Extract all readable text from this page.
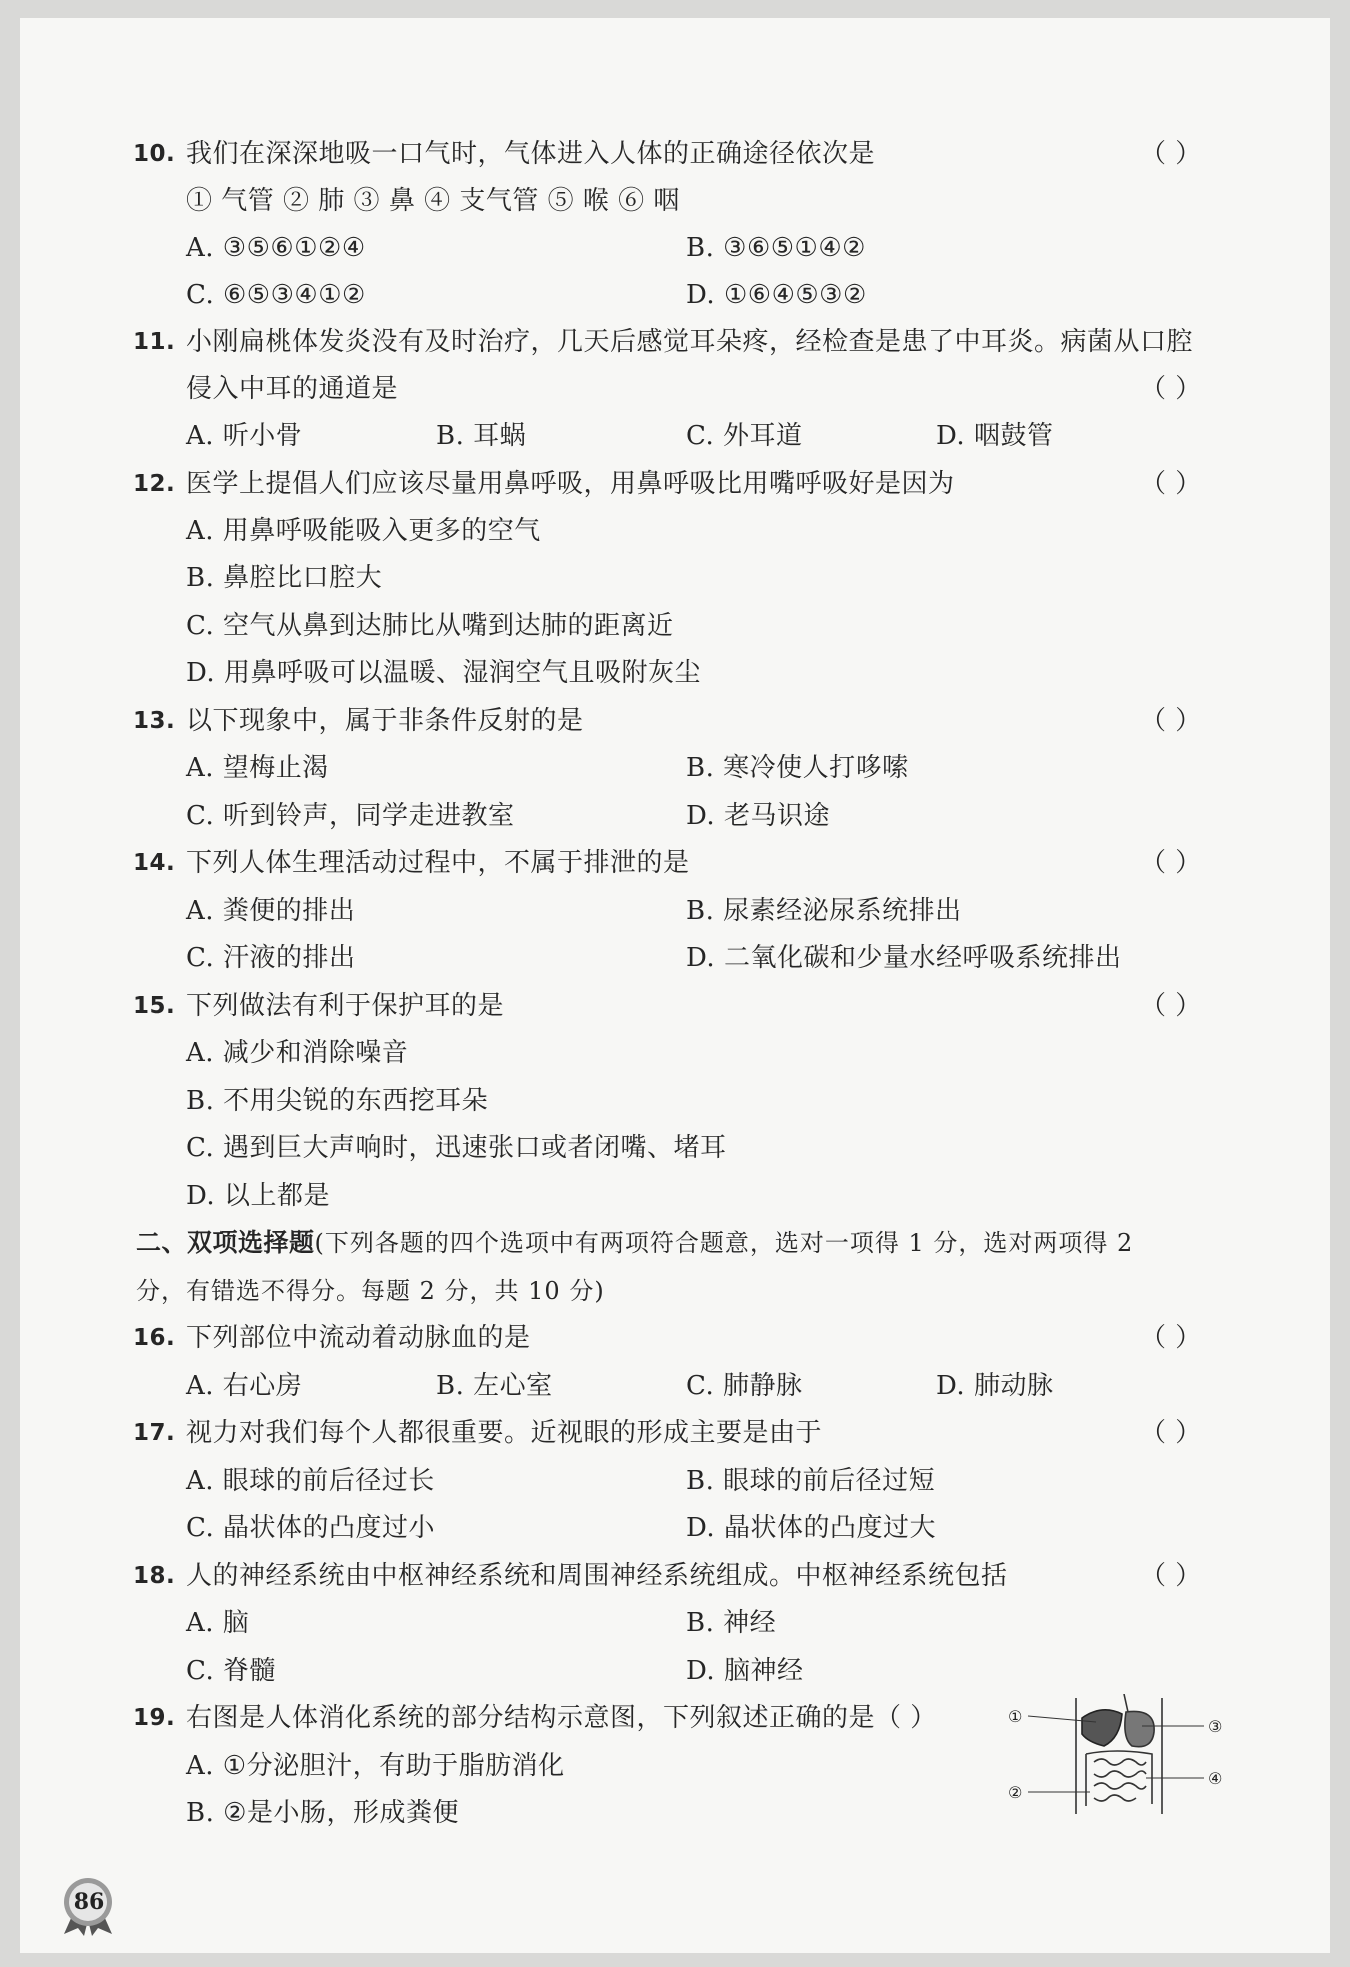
10. 我们在深深地吸一口气时，气体进入人体的正确途径依次是	（ ）
① 气管 ② 肺 ③ 鼻 ④ 支气管 ⑤ 喉 ⑥ 咽
A. ③⑤⑥①②④	B. ③⑥⑤①④②
C. ⑥⑤③④①②	D. ①⑥④⑤③②
11. 小刚扁桃体发炎没有及时治疗，几天后感觉耳朵疼，经检查是患了中耳炎。病菌从口腔
侵入中耳的通道是	（ ）
A. 听小骨	B. 耳蜗	C. 外耳道	D. 咽鼓管
12. 医学上提倡人们应该尽量用鼻呼吸，用鼻呼吸比用嘴呼吸好是因为	（ ）
A. 用鼻呼吸能吸入更多的空气
B. 鼻腔比口腔大
C. 空气从鼻到达肺比从嘴到达肺的距离近
D. 用鼻呼吸可以温暖、湿润空气且吸附灰尘
13. 以下现象中，属于非条件反射的是	（ ）
A. 望梅止渴	B. 寒冷使人打哆嗦
C. 听到铃声，同学走进教室	D. 老马识途
14. 下列人体生理活动过程中，不属于排泄的是	（ ）
A. 粪便的排出	B. 尿素经泌尿系统排出
C. 汗液的排出	D. 二氧化碳和少量水经呼吸系统排出
15. 下列做法有利于保护耳的是	（ ）
A. 减少和消除噪音
B. 不用尖锐的东西挖耳朵
C. 遇到巨大声响时，迅速张口或者闭嘴、堵耳
D. 以上都是
二、双项选择题(下列各题的四个选项中有两项符合题意，选对一项得 1 分，选对两项得 2
分，有错选不得分。每题 2 分，共 10 分)
16. 下列部位中流动着动脉血的是	（ ）
A. 右心房	B. 左心室	C. 肺静脉	D. 肺动脉
17. 视力对我们每个人都很重要。近视眼的形成主要是由于	（ ）
A. 眼球的前后径过长	B. 眼球的前后径过短
C. 晶状体的凸度过小	D. 晶状体的凸度过大
18. 人的神经系统由中枢神经系统和周围神经系统组成。中枢神经系统包括	（ ）
A. 脑	B. 神经
C. 脊髓	D. 脑神经
19. 右图是人体消化系统的部分结构示意图，下列叙述正确的是（ ）
A. ①分泌胆汁，有助于脂肪消化
B. ②是小肠，形成粪便
①
②
③
④
86
